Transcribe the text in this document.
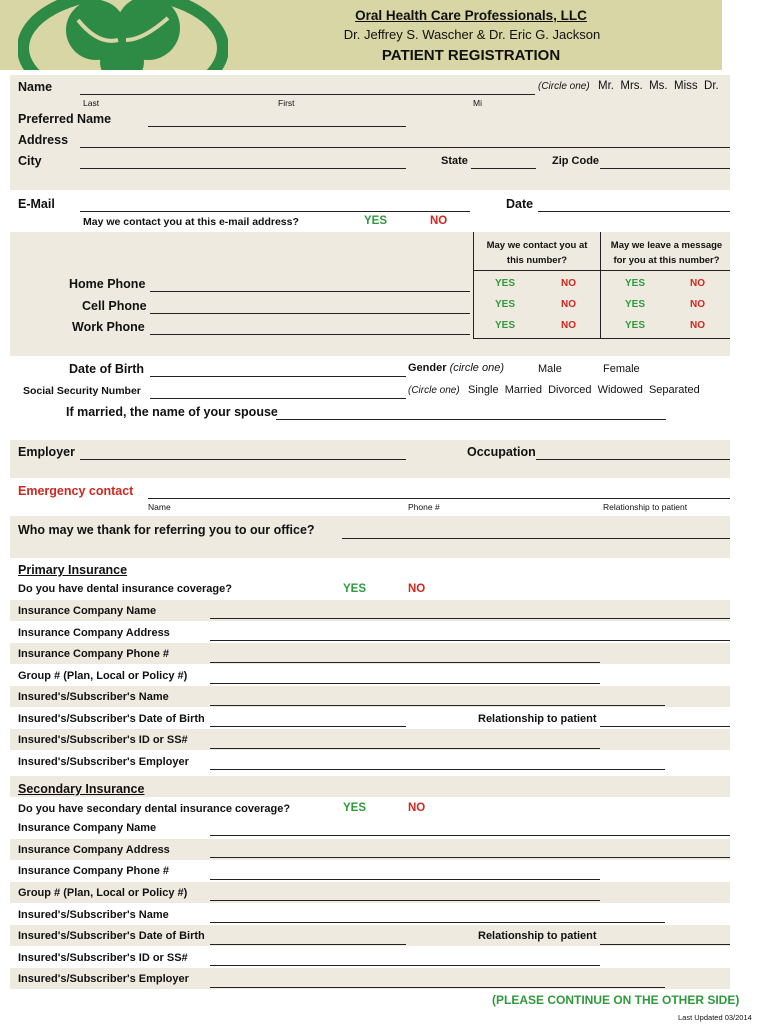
Oral Health Care Professionals, LLC
Dr. Jeffrey S. Wascher & Dr. Eric G. Jackson
PATIENT REGISTRATION
Name	(Circle one) Mr.  Mrs.  Ms.  Miss  Dr.
Last	First	Mi
Preferred Name
Address
City	State	Zip Code
E-Mail	Date
May we contact you at this e-mail address?	YES	NO
May we contact you at
this number?
May we leave a message
for you at this number?
Home Phone	YES	NO	YES	NO
Cell Phone	YES	NO	YES	NO
Work Phone	YES	NO	YES	NO
Date of Birth	Gender (circle one)	Male	Female
Social Security Number	(Circle one) Single  Married  Divorced  Widowed  Separated
If married, the name of your spouse
Employer	Occupation
Emergency contact
Name	Phone #	Relationship to patient
Who may we thank for referring you to our office?
Primary Insurance
Do you have dental insurance coverage?	YES	NO
Insurance Company Name
Insurance Company Address
Insurance Company Phone #
Group # (Plan, Local or Policy #)
Insured's/Subscriber's Name
Insured's/Subscriber's Date of Birth	Relationship to patient
Insured's/Subscriber's ID or SS#
Insured's/Subscriber's Employer
Secondary Insurance
Do you have secondary dental insurance coverage?	YES	NO
Insurance Company Name
Insurance Company Address
Insurance Company Phone #
Group # (Plan, Local or Policy #)
Insured's/Subscriber's Name
Insured's/Subscriber's Date of Birth	Relationship to patient
Insured's/Subscriber's ID or SS#
Insured's/Subscriber's Employer
(PLEASE CONTINUE ON THE OTHER SIDE)
Last Updated 03/2014
